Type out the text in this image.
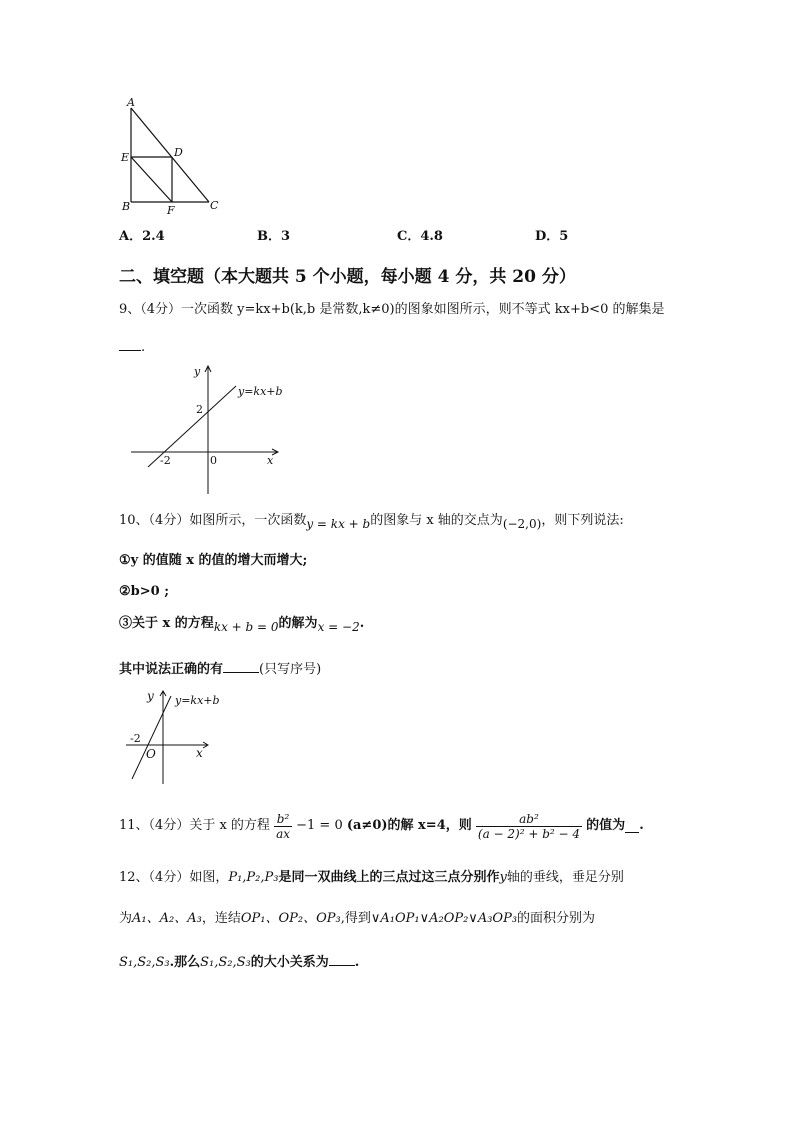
A
D
E
B	F	C
A．2.4	B．3	C．4.8	D．5
二、填空题（本大题共 5 个小题，每小题 4 分，共 20 分）
9、（4分）一次函数 y=kx+b(k,b 是常数,k≠0)的图象如图所示，则不等式 kx+b<0 的解集是
.
y
x
y=kx+b
2
-2	0
10、（4分）如图所示，一次函数y = kx + b的图象与 x 轴的交点为(−2,0)，则下列说法:
①y 的值随 x 的值的增大而增大;
②b>0 ;
③关于 x 的方程kx + b = 0的解为x = −2.
其中说法正确的有	(只写序号)
y
x
y=kx+b
O
-2
11、（4分）关于 x 的方程 $\frac{\text{b²}}{ax} -1 = 0$ (a≠0)的解 x=4，则 $\frac{\text{ab²}}{\text{(a − 2)² + b² − 4}}$ 的值为 .
12、（4分）如图，P₁,P₂,P₃是同一双曲线上的三点过这三点分别作y轴的垂线，垂足分别
为A₁、A₂、A₃，连结OP₁、OP₂、OP₃,得到∨A₁OP₁∨A₂OP₂∨A₃OP₃的面积分别为
S₁,S₂,S₃.那么S₁,S₂,S₃的大小关系为 .
